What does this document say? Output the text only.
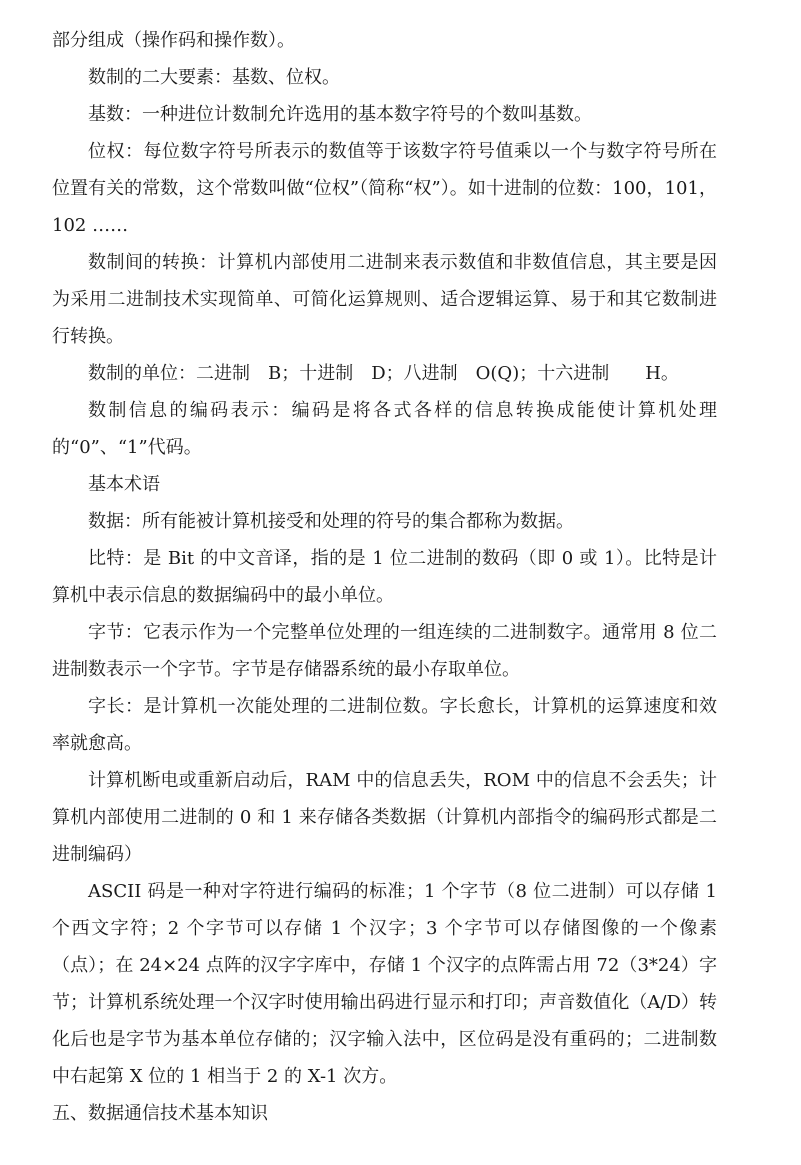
部分组成（操作码和操作数）。

数制的二大要素：基数、位权。

基数：一种进位计数制允许选用的基本数字符号的个数叫基数。

位权：每位数字符号所表示的数值等于该数字符号值乘以一个与数字符号所在位置有关的常数，这个常数叫做“位权”（简称“权”）。如十进制的位数：100，101，102 ……

数制间的转换：计算机内部使用二进制来表示数值和非数值信息，其主要是因为采用二进制技术实现简单、可简化运算规则、适合逻辑运算、易于和其它数制进行转换。

数制的单位：二进制　B；十进制　D；八进制　O(Q)；十六进制　　H。

数制信息的编码表示：编码是将各式各样的信息转换成能使计算机处理的“0”、“1”代码。

基本术语

数据：所有能被计算机接受和处理的符号的集合都称为数据。

比特：是 Bit 的中文音译，指的是 1 位二进制的数码（即 0 或 1）。比特是计算机中表示信息的数据编码中的最小单位。

字节：它表示作为一个完整单位处理的一组连续的二进制数字。通常用 8 位二进制数表示一个字节。字节是存储器系统的最小存取单位。

字长：是计算机一次能处理的二进制位数。字长愈长，计算机的运算速度和效率就愈高。

计算机断电或重新启动后，RAM 中的信息丢失，ROM 中的信息不会丢失；计算机内部使用二进制的 0 和 1 来存储各类数据（计算机内部指令的编码形式都是二进制编码）

ASCII 码是一种对字符进行编码的标准；1 个字节（8 位二进制）可以存储 1 个西文字符；2 个字节可以存储 1 个汉字；3 个字节可以存储图像的一个像素（点）；在 24×24 点阵的汉字字库中，存储 1 个汉字的点阵需占用 72（3*24）字节；计算机系统处理一个汉字时使用输出码进行显示和打印；声音数值化（A/D）转化后也是字节为基本单位存储的；汉字输入法中，区位码是没有重码的；二进制数中右起第 X 位的 1 相当于 2 的 X-1 次方。

五、数据通信技术基本知识
